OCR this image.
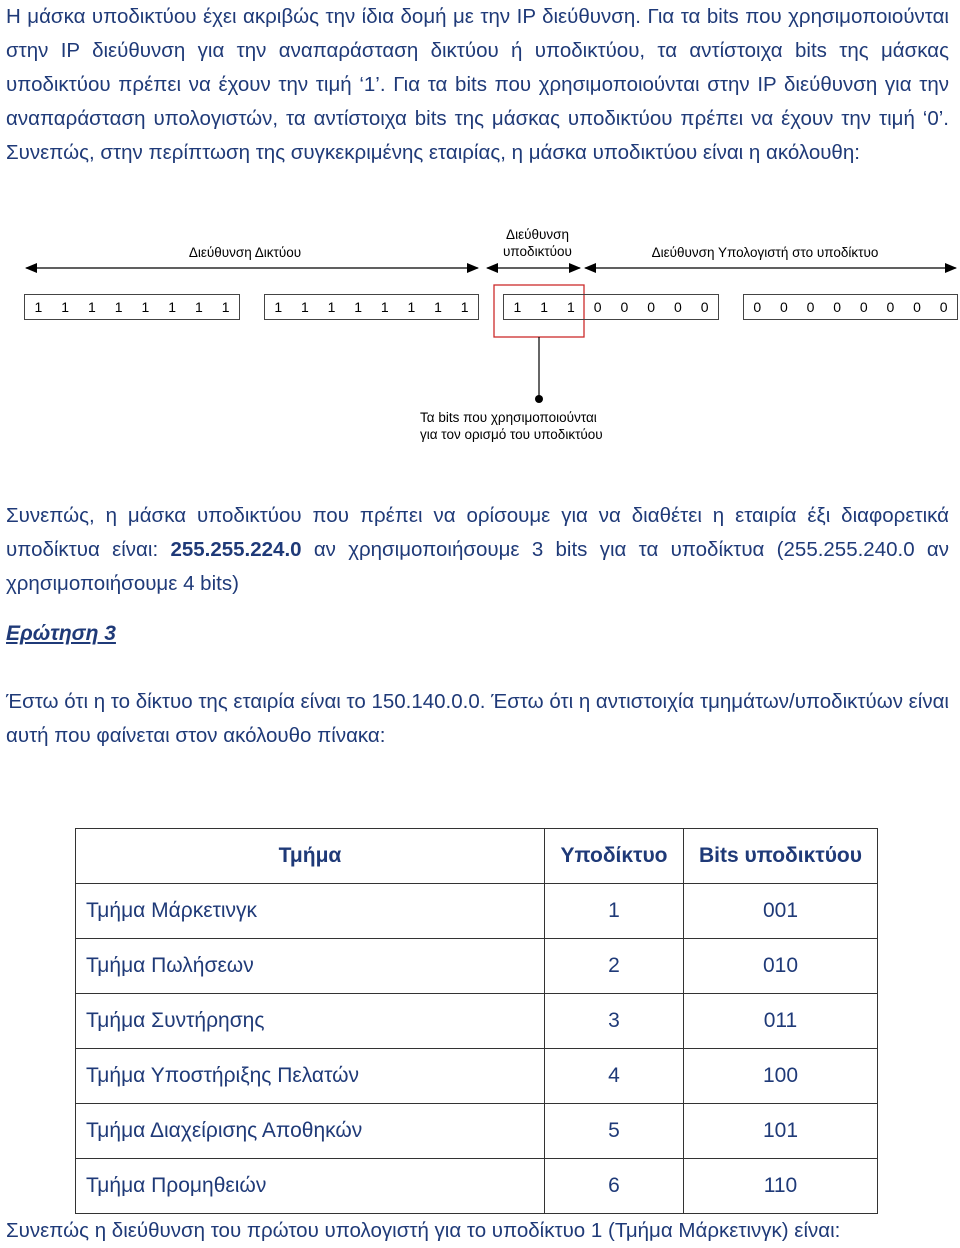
Η μάσκα υποδικτύου έχει ακριβώς την ίδια δομή με την IP διεύθυνση. Για τα bits που χρησιμοποιούνται στην IP διεύθυνση για την αναπαράσταση δικτύου ή υποδικτύου, τα αντίστοιχα bits της μάσκας υποδικτύου πρέπει να έχουν την τιμή ‘1’. Για τα bits που χρησιμοποιούνται στην IP διεύθυνση για την αναπαράσταση υπολογιστών, τα αντίστοιχα bits της μάσκας υποδικτύου πρέπει να έχουν την τιμή ‘0’. Συνεπώς, στην περίπτωση της συγκεκριμένης εταιρίας, η μάσκα υποδικτύου είναι η ακόλουθη:

Διεύθυνση Δικτύου
Διεύθυνση
υποδικτύου	Διεύθυνση Υπολογιστή στο υποδίκτυο
1	1	1	1	1	1	1	1	1	1	1	1	1	1	1	1	1	1	1	0	0	0	0	0	0	0	0	0	0	0	0	0
Τα bits που χρησιμοποιούνται
για τον ορισμό του υποδικτύου

Συνεπώς, η μάσκα υποδικτύου που πρέπει να ορίσουμε για να διαθέτει η εταιρία έξι διαφορετικά υποδίκτυα είναι: 255.255.224.0 αν χρησιμοποιήσουμε 3 bits για τα υποδίκτυα (255.255.240.0 αν χρησιμοποιήσουμε 4 bits)

Ερώτηση 3

Έστω ότι η το δίκτυο της εταιρία είναι το 150.140.0.0. Έστω ότι η αντιστοιχία τμημάτων/υποδικτύων είναι αυτή που φαίνεται στον ακόλουθο πίνακα:

Τμήμα	Υποδίκτυο	Bits υποδικτύου
Τμήμα Μάρκετινγκ	1	001
Τμήμα Πωλήσεων	2	010
Τμήμα Συντήρησης	3	011
Τμήμα Υποστήριξης Πελατών	4	100
Τμήμα Διαχείρισης Αποθηκών	5	101
Τμήμα Προμηθειών	6	110

Συνεπώς η διεύθυνση του πρώτου υπολογιστή για το υποδίκτυο 1 (Τμήμα Μάρκετινγκ) είναι:
